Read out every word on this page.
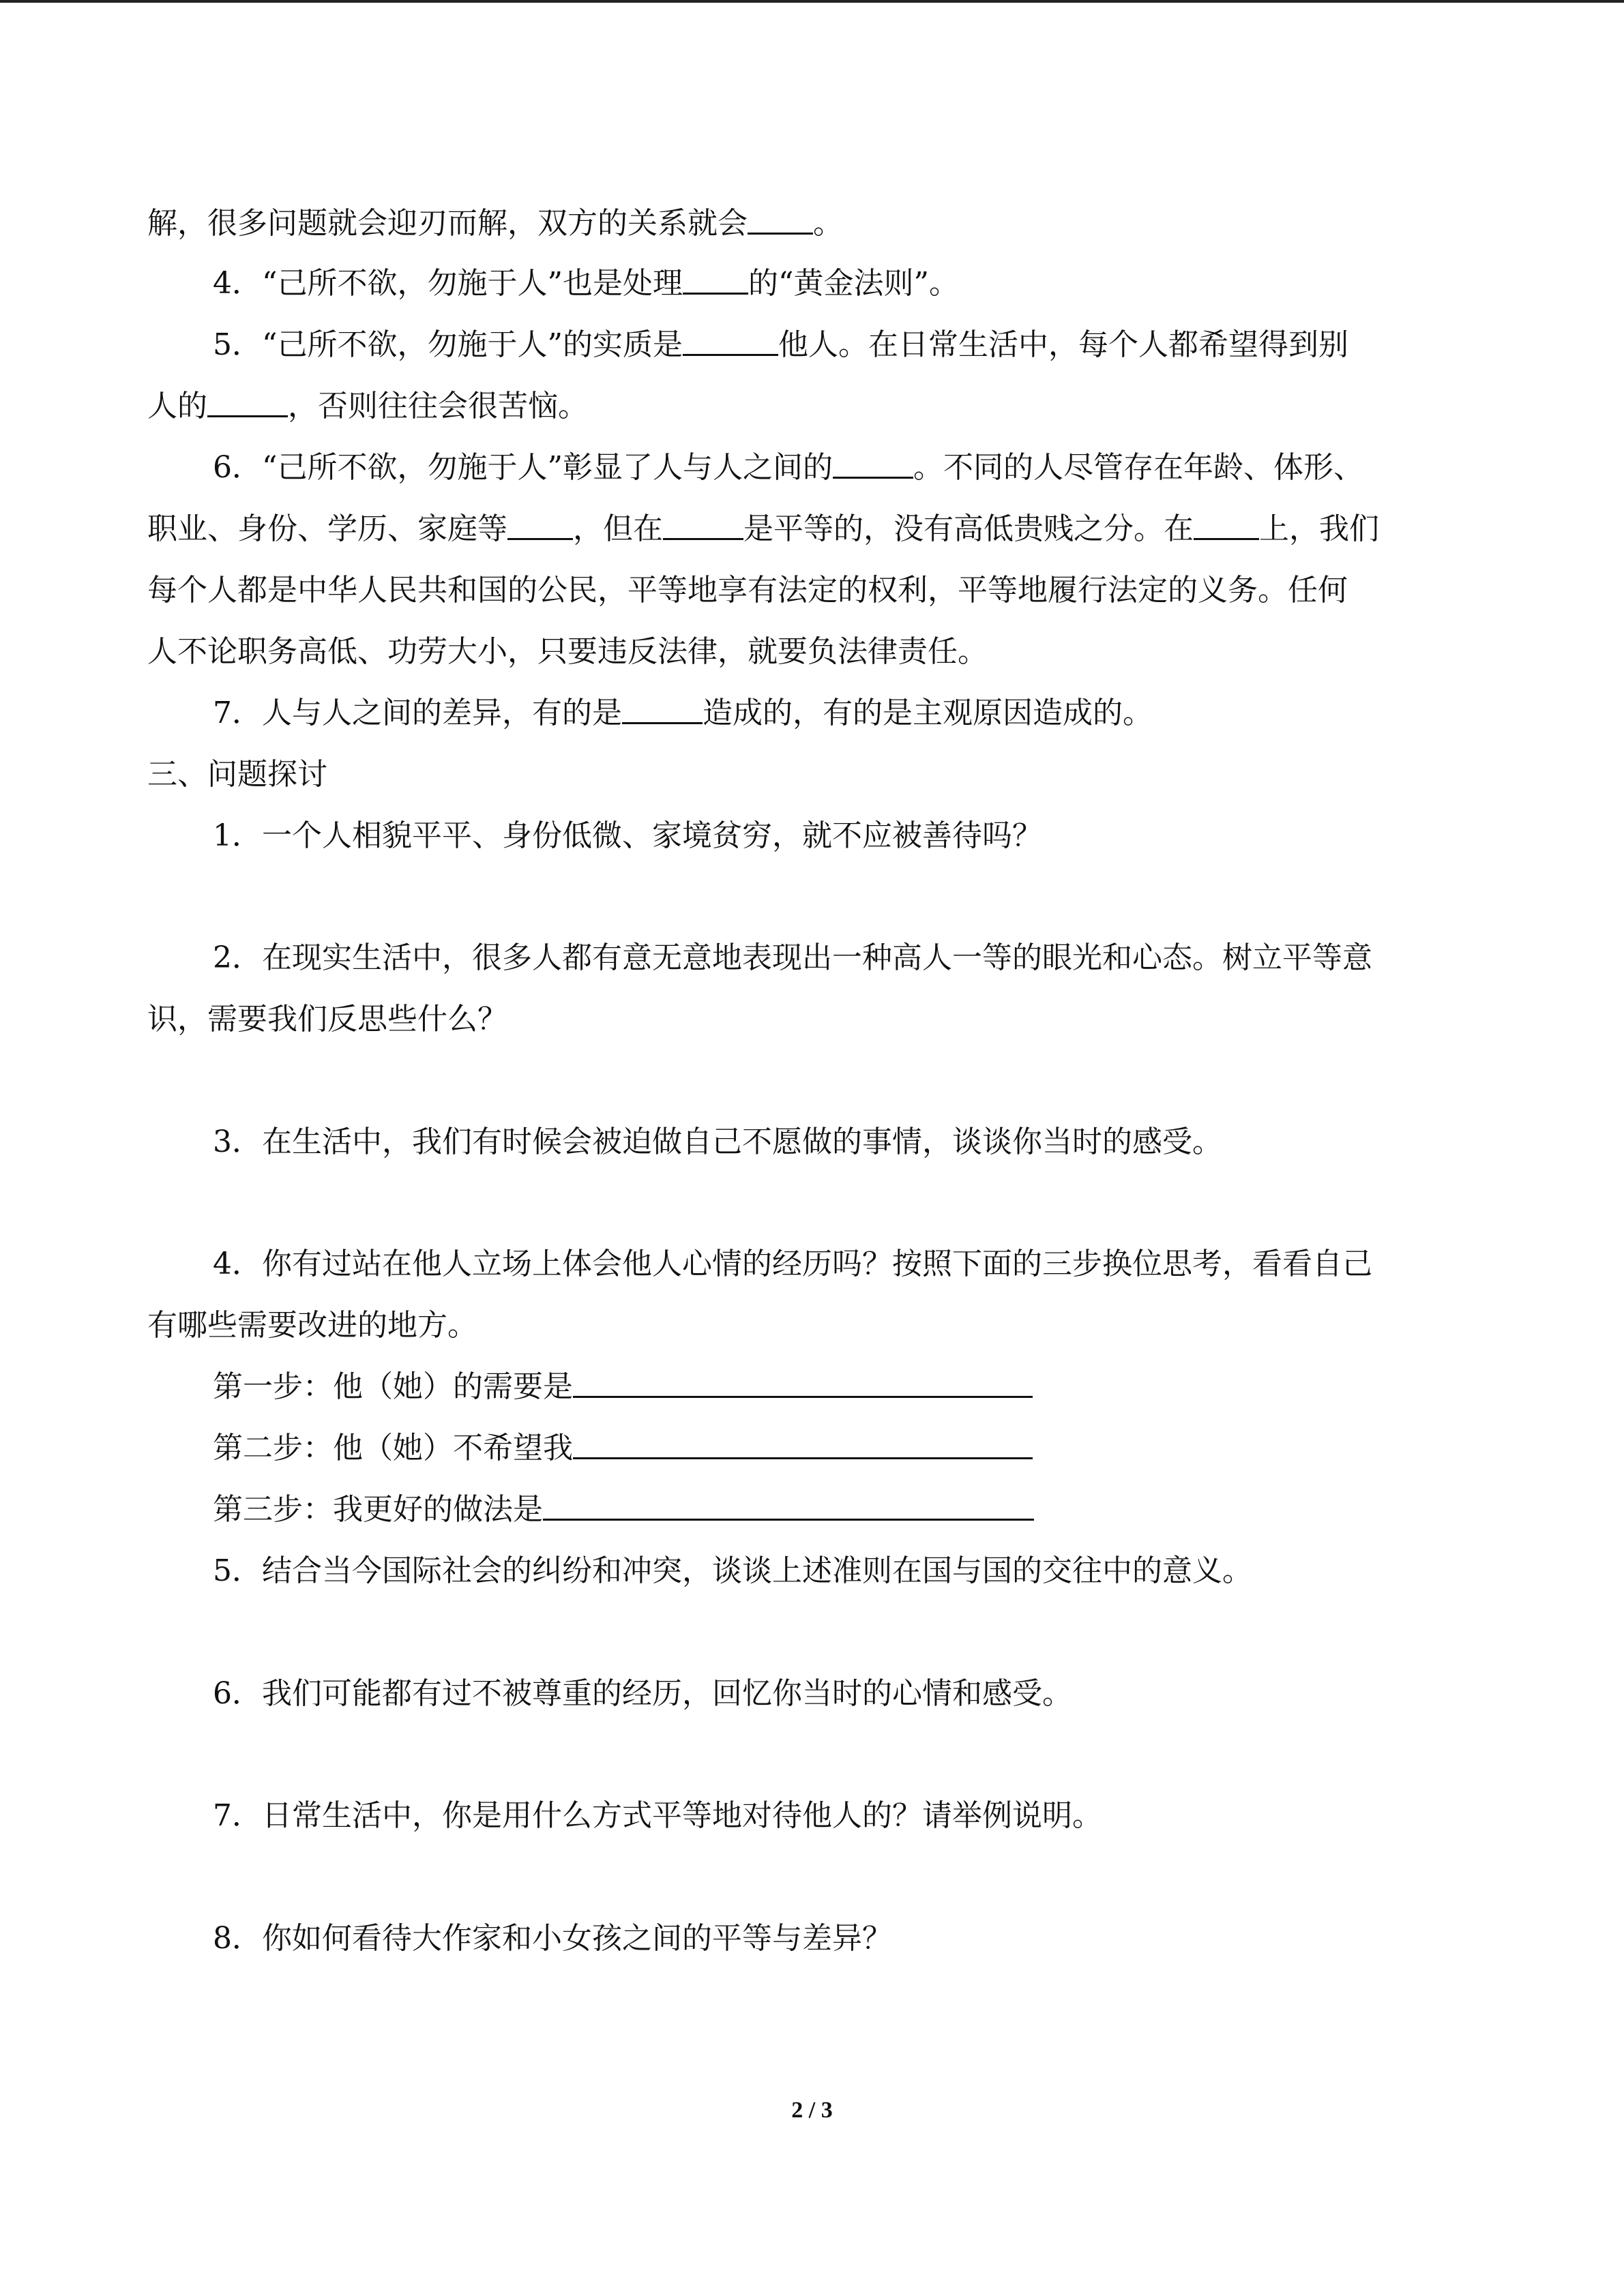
解，很多问题就会迎刃而解，双方的关系就会 。
4．“己所不欲，勿施于人”也是处理 的“黄金法则”。
5．“己所不欲，勿施于人”的实质是	他人。在日常生活中，每个人都希望得到别
人的	，否则往往会很苦恼。
6．“己所不欲，勿施于人”彰显了人与人之间的	。不同的人尽管存在年龄、体形、
职业、身份、学历、家庭等 ，但在	是平等的，没有高低贵贱之分。在 上，我们
每个人都是中华人民共和国的公民，平等地享有法定的权利，平等地履行法定的义务。任何
人不论职务高低、功劳大小，只要违反法律，就要负法律责任。
7．人与人之间的差异，有的是	造成的，有的是主观原因造成的。
三、问题探讨
1．一个人相貌平平、身份低微、家境贫穷，就不应被善待吗？
2．在现实生活中，很多人都有意无意地表现出一种高人一等的眼光和心态。树立平等意
识，需要我们反思些什么？
3．在生活中，我们有时候会被迫做自己不愿做的事情，谈谈你当时的感受。
4．你有过站在他人立场上体会他人心情的经历吗？按照下面的三步换位思考，看看自己
有哪些需要改进的地方。
第一步：他（她）的需要是
第二步：他（她）不希望我
第三步：我更好的做法是
5．结合当今国际社会的纠纷和冲突，谈谈上述准则在国与国的交往中的意义。
6．我们可能都有过不被尊重的经历，回忆你当时的心情和感受。
7．日常生活中，你是用什么方式平等地对待他人的？请举例说明。
8．你如何看待大作家和小女孩之间的平等与差异？
2 / 3
